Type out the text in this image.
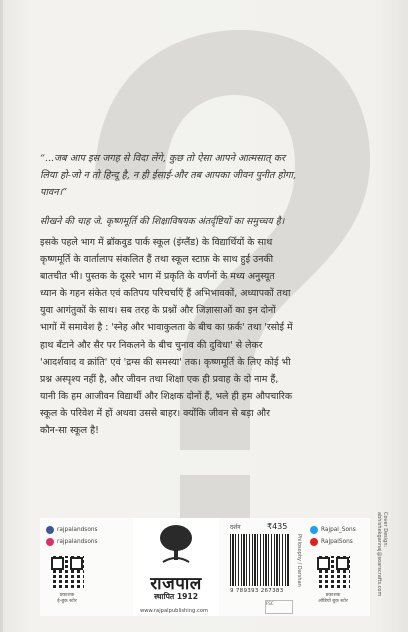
“...जब आप इस जगह से विदा लेंगे, कुछ तो ऐसा आपने आत्मसात् कर
लिया हो-जो न तो हिन्दू है, न ही ईसाई-और तब आपका जीवन पुनीत होगा,
पावन।”
सीखने की चाह जे. कृष्णमूर्ति की शिक्षाविषयक अंतर्दृष्टियों का समुच्चय है।

इसके पहले भाग में ब्रॉकवुड पार्क स्कूल (इंग्लैंड) के विद्यार्थियों के साथ

कृष्णमूर्ति के वार्तालाप संकलित हैं तथा स्कूल स्टाफ़ के साथ हुई उनकी

बातचीत भी। पुस्तक के दूसरे भाग में प्रकृति के वर्णनों के मध्य अनुस्यूत

ध्यान के गहन संकेत एवं कतिपय परिचर्चाएँ हैं अभिभावकों, अध्यापकों तथा

युवा आगंतुकों के साथ। सब तरह के प्रश्नों और जिज्ञासाओं का इन दोनों

भागों में समावेश है : 'स्नेह और भावाकुलता के बीच का फ़र्क' तथा 'रसोई में

हाथ बँटाने और सैर पर निकलने के बीच चुनाव की दुविधा' से लेकर

'आदर्शवाद व क्रांति' एवं 'द्रग्स की समस्या' तक। कृष्णमूर्ति के लिए कोई भी

प्रश्न अस्पृश्य नहीं है, और जीवन तथा शिक्षा एक ही प्रवाह के दो नाम हैं,

यानी कि हम आजीवन विद्यार्थी और शिक्षक दोनों हैं, भले ही हम औपचारिक

स्कूल के परिवेश में हों अथवा उससे बाहर। क्योंकि जीवन से बड़ा और

कौन-सा स्कूल है!

rajpalandsons
rajpalandsons
प्रकाशक
ई-बुक स्टोर
राजपाल
स्थापित 1912
www.rajpalpublishing.com
दर्शन	₹435
9 789393 267383
FSC
Philosophy / Darshan
Rajpal_Sons
RajpalSons
प्रकाशक
ऑडियो बुक स्टोर
Cover Design:
abhishekgannaj@soarscrafts.com
